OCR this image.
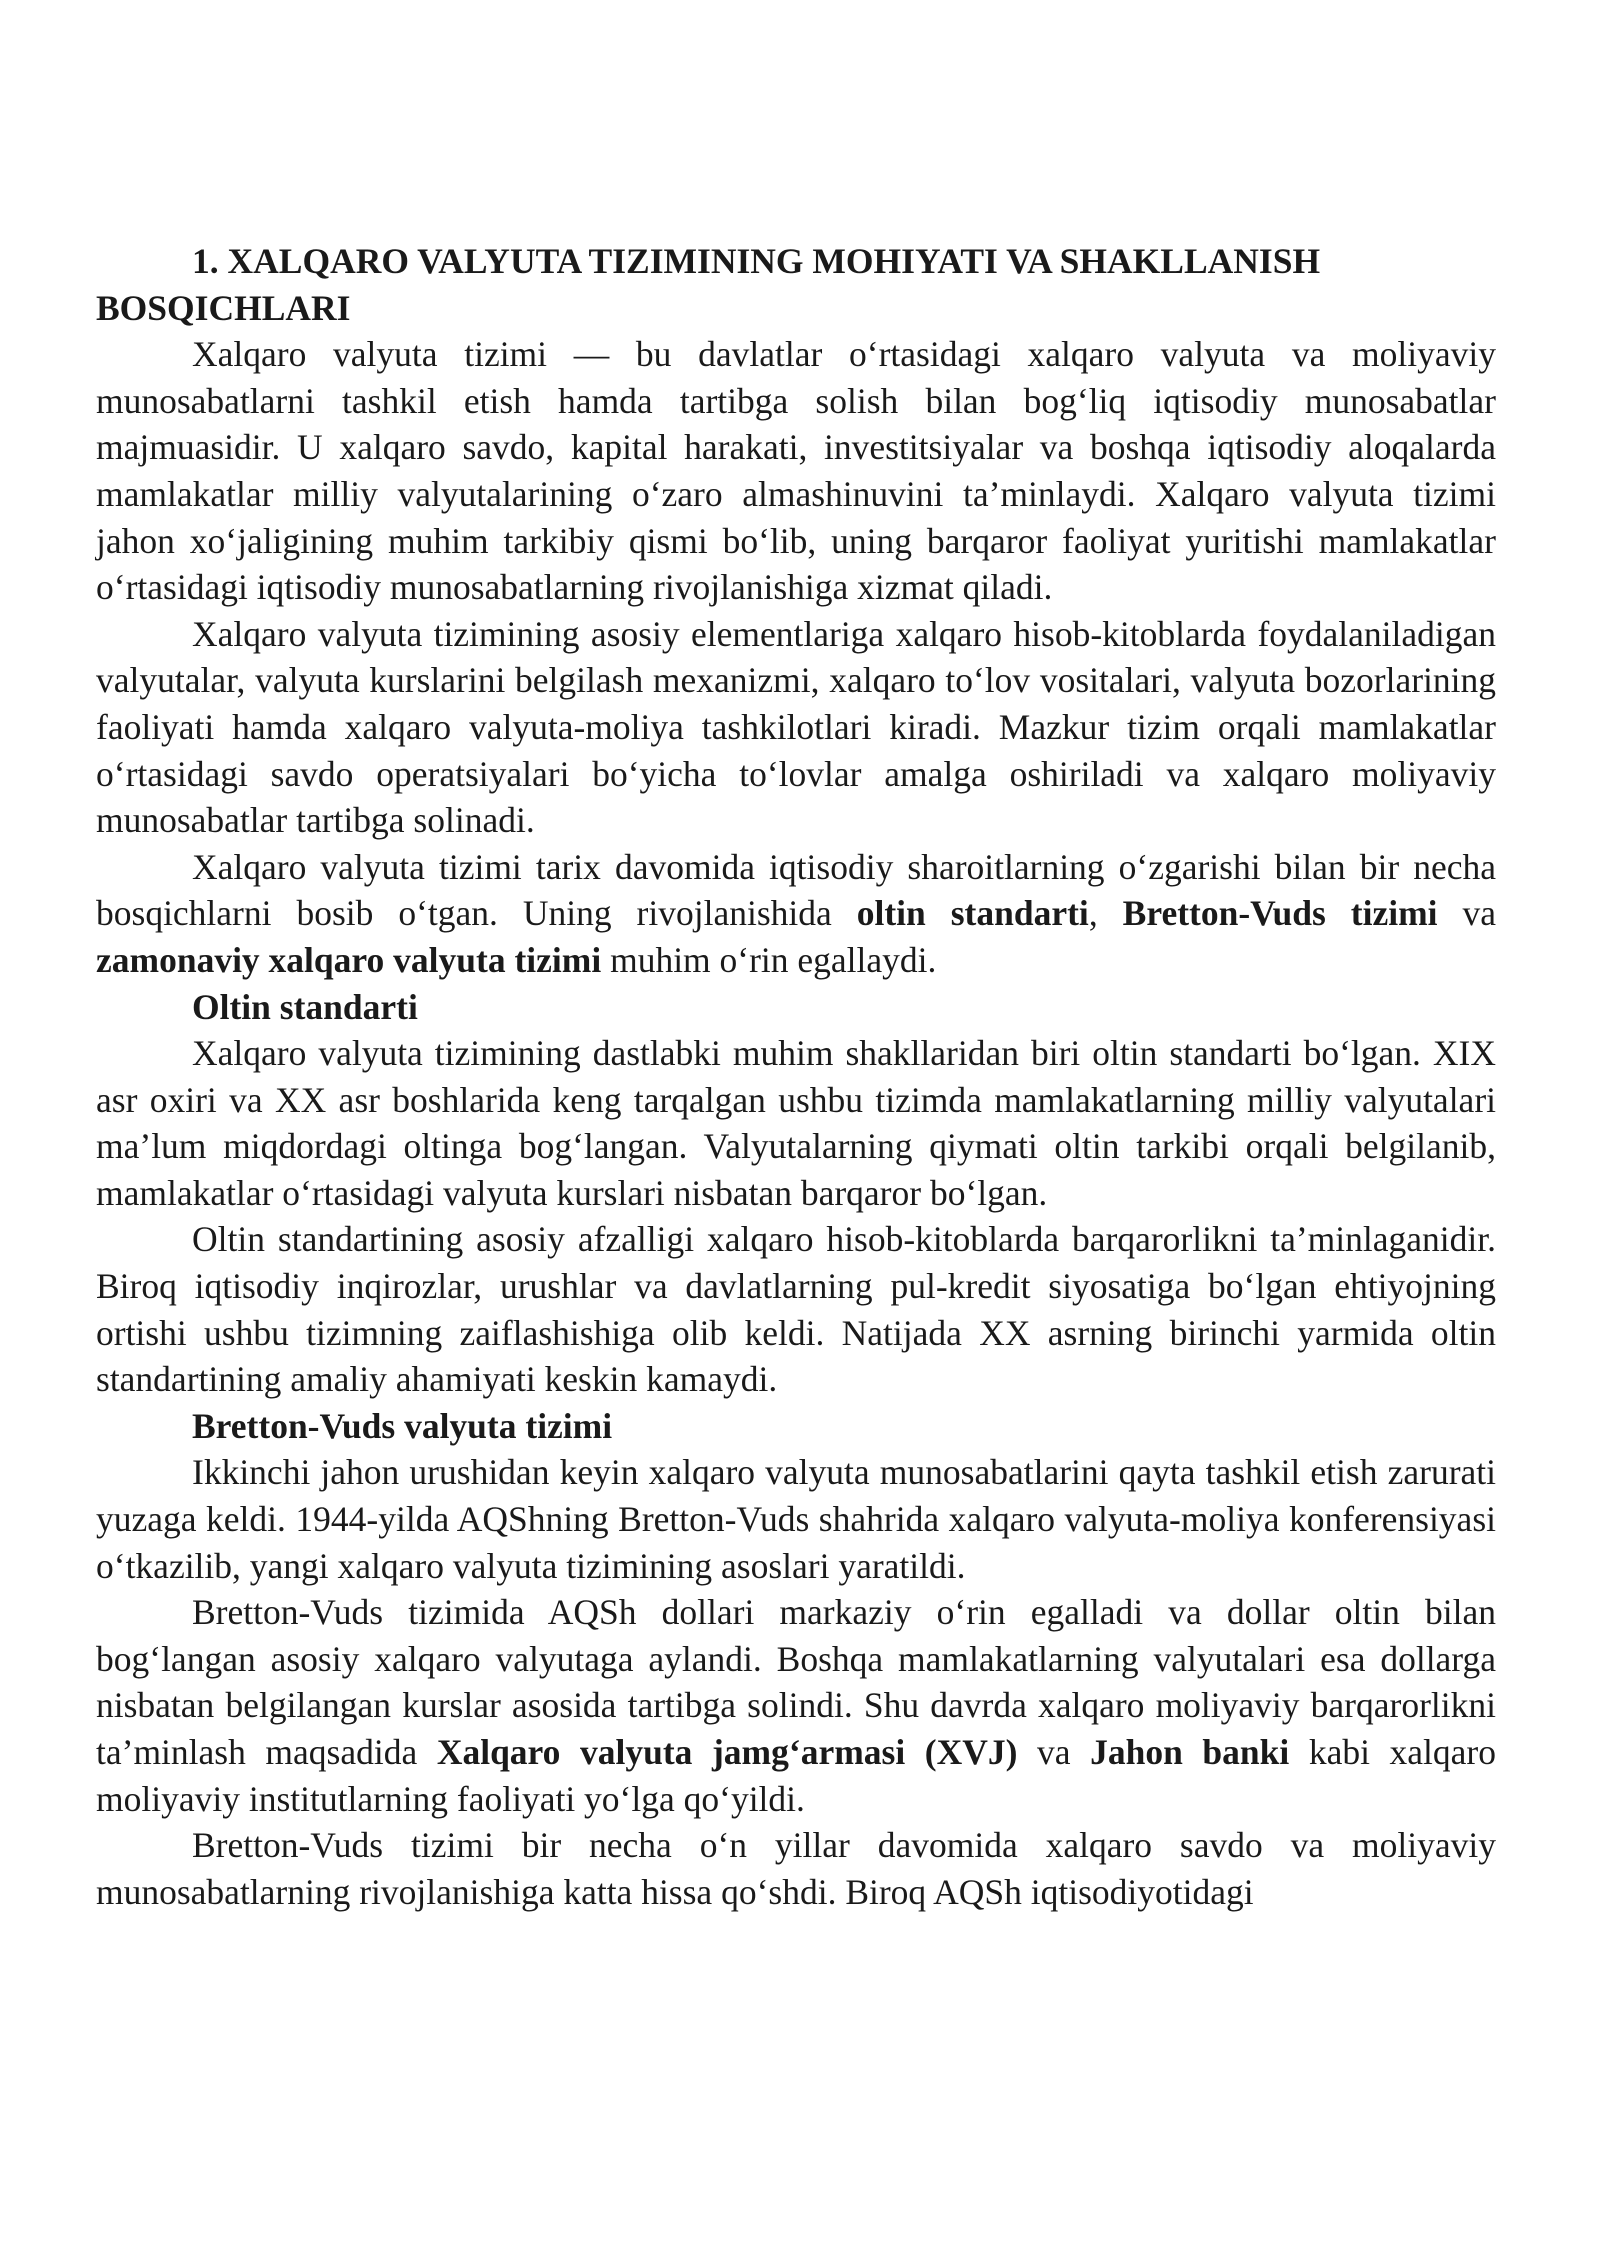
1. XALQARO VALYUTA TIZIMINING MOHIYATI VA SHAKLLANISH BOSQICHLARI

Xalqaro valyuta tizimi — bu davlatlar o‘rtasidagi xalqaro valyuta va moliyaviy munosabatlarni tashkil etish hamda tartibga solish bilan bog‘liq iqtisodiy munosabatlar majmuasidir. U xalqaro savdo, kapital harakati, investitsiyalar va boshqa iqtisodiy aloqalarda mamlakatlar milliy valyutalarining o‘zaro almashinuvini ta’minlaydi. Xalqaro valyuta tizimi jahon xo‘jaligining muhim tarkibiy qismi bo‘lib, uning barqaror faoliyat yuritishi mamlakatlar o‘rtasidagi iqtisodiy munosabatlarning rivojlanishiga xizmat qiladi.

Xalqaro valyuta tizimining asosiy elementlariga xalqaro hisob-kitoblarda foydalaniladigan valyutalar, valyuta kurslarini belgilash mexanizmi, xalqaro to‘lov vositalari, valyuta bozorlarining faoliyati hamda xalqaro valyuta-moliya tashkilotlari kiradi. Mazkur tizim orqali mamlakatlar o‘rtasidagi savdo operatsiyalari bo‘yicha to‘lovlar amalga oshiriladi va xalqaro moliyaviy munosabatlar tartibga solinadi.

Xalqaro valyuta tizimi tarix davomida iqtisodiy sharoitlarning o‘zgarishi bilan bir necha bosqichlarni bosib o‘tgan. Uning rivojlanishida oltin standarti, Bretton-Vuds tizimi va zamonaviy xalqaro valyuta tizimi muhim o‘rin egallaydi.

Oltin standarti

Xalqaro valyuta tizimining dastlabki muhim shakllaridan biri oltin standarti bo‘lgan. XIX asr oxiri va XX asr boshlarida keng tarqalgan ushbu tizimda mamlakatlarning milliy valyutalari ma’lum miqdordagi oltinga bog‘langan. Valyutalarning qiymati oltin tarkibi orqali belgilanib, mamlakatlar o‘rtasidagi valyuta kurslari nisbatan barqaror bo‘lgan.

Oltin standartining asosiy afzalligi xalqaro hisob-kitoblarda barqarorlikni ta’minlaganidir. Biroq iqtisodiy inqirozlar, urushlar va davlatlarning pul-kredit siyosatiga bo‘lgan ehtiyojning ortishi ushbu tizimning zaiflashishiga olib keldi. Natijada XX asrning birinchi yarmida oltin standartining amaliy ahamiyati keskin kamaydi.

Bretton-Vuds valyuta tizimi

Ikkinchi jahon urushidan keyin xalqaro valyuta munosabatlarini qayta tashkil etish zarurati yuzaga keldi. 1944-yilda AQShning Bretton-Vuds shahrida xalqaro valyuta-moliya konferensiyasi o‘tkazilib, yangi xalqaro valyuta tizimining asoslari yaratildi.

Bretton-Vuds tizimida AQSh dollari markaziy o‘rin egalladi va dollar oltin bilan bog‘langan asosiy xalqaro valyutaga aylandi. Boshqa mamlakatlarning valyutalari esa dollarga nisbatan belgilangan kurslar asosida tartibga solindi. Shu davrda xalqaro moliyaviy barqarorlikni ta’minlash maqsadida Xalqaro valyuta jamg‘armasi (XVJ) va Jahon banki kabi xalqaro moliyaviy institutlarning faoliyati yo‘lga qo‘yildi.

Bretton-Vuds tizimi bir necha o‘n yillar davomida xalqaro savdo va moliyaviy munosabatlarning rivojlanishiga katta hissa qo‘shdi. Biroq AQSh iqtisodiyotidagi
